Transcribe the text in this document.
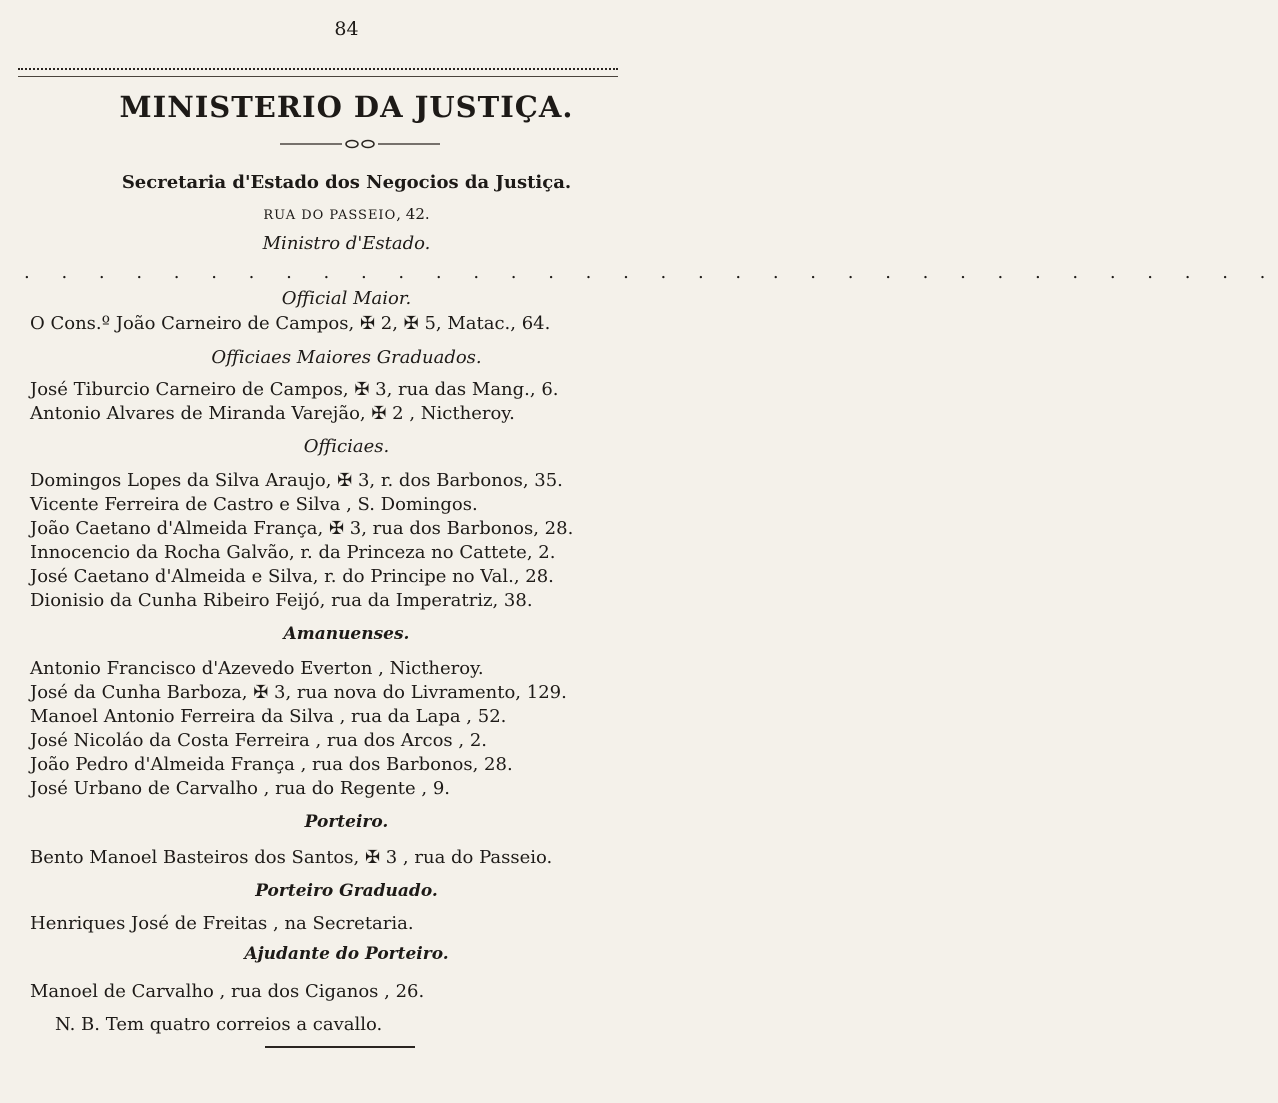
84
MINISTERIO DA JUSTIÇA.
Secretaria d'Estado dos Negocios da Justiça.
RUA DO PASSEIO, 42.
Ministro d'Estado.
. . . . . . . . . . . . . . . . . . . . . . . . . . . . . . . . . .
Official Maior.
O Cons.º João Carneiro de Campos, ✠ 2, ✠ 5, Matac., 64.
Officiaes Maiores Graduados.
José Tiburcio Carneiro de Campos, ✠ 3, rua das Mang., 6.
Antonio Alvares de Miranda Varejão, ✠ 2 , Nictheroy.
Officiaes.
Domingos Lopes da Silva Araujo, ✠ 3, r. dos Barbonos, 35.
Vicente Ferreira de Castro e Silva , S. Domingos.
João Caetano d'Almeida França, ✠ 3, rua dos Barbonos, 28.
Innocencio da Rocha Galvão, r. da Princeza no Cattete, 2.
José Caetano d'Almeida e Silva, r. do Principe no Val., 28.
Dionisio da Cunha Ribeiro Feijó, rua da Imperatriz, 38.
Amanuenses.
Antonio Francisco d'Azevedo Everton , Nictheroy.
José da Cunha Barboza, ✠ 3, rua nova do Livramento, 129.
Manoel Antonio Ferreira da Silva , rua da Lapa , 52.
José Nicoláo da Costa Ferreira , rua dos Arcos , 2.
João Pedro d'Almeida França , rua dos Barbonos, 28.
José Urbano de Carvalho , rua do Regente , 9.
Porteiro.
Bento Manoel Basteiros dos Santos, ✠ 3 , rua do Passeio.
Porteiro Graduado.
Henriques José de Freitas , na Secretaria.
Ajudante do Porteiro.
Manoel de Carvalho , rua dos Ciganos , 26.
N. B. Tem quatro correios a cavallo.
